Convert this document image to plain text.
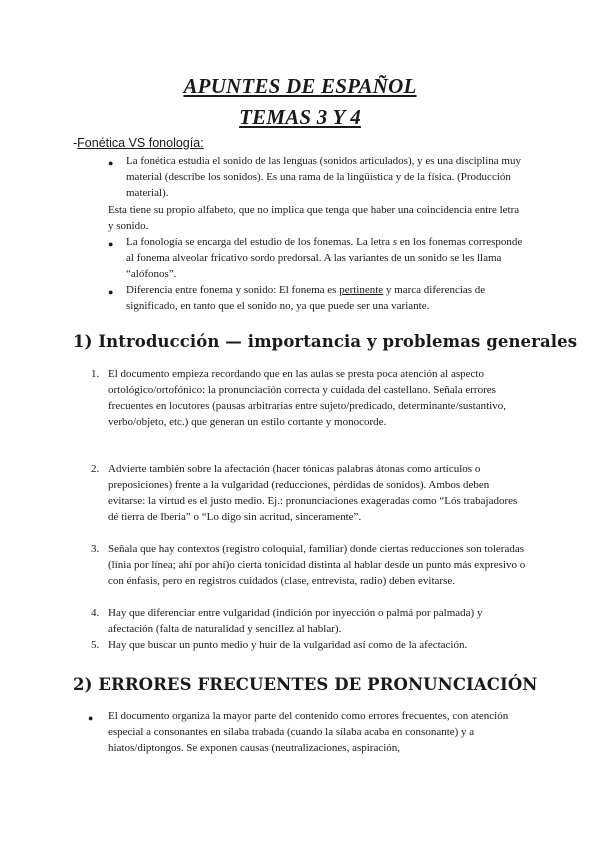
APUNTES DE ESPAÑOL
TEMAS 3 Y 4
-Fonética VS fonología:
● La fonética estudia el sonido de las lenguas (sonidos articulados), y es una disciplina muy material (describe los sonidos). Es una rama de la lingüística y de la física. (Producción material).
Esta tiene su propio alfabeto, que no implica que tenga que haber una coincidencia entre letra y sonido.
● La fonología se encarga del estudio de los fonemas. La letra s en los fonemas corresponde al fonema alveolar fricativo sordo predorsal. A las variantes de un sonido se les llama “alófonos”.
● Diferencia entre fonema y sonido: El fonema es pertinente y marca diferencias de significado, en tanto que el sonido no, ya que puede ser una variante.
1) Introducción — importancia y problemas generales
1. El documento empieza recordando que en las aulas se presta poca atención al aspecto ortológico/ortofónico: la pronunciación correcta y cuidada del castellano. Señala errores frecuentes en locutores (pausas arbitrarias entre sujeto/predicado, determinante/sustantivo, verbo/objeto, etc.) que generan un estilo cortante y monocorde.
2. Advierte también sobre la afectación (hacer tónicas palabras átonas como artículos o preposiciones) frente a la vulgaridad (reducciones, pérdidas de sonidos). Ambos deben evitarse: la virtud es el justo medio. Ej.: pronunciaciones exageradas como “Lós trabajadores dé tierra de Iberia” o “Lo digo sin acritud, sinceramente”.
3. Señala que hay contextos (registro coloquial, familiar) donde ciertas reducciones son toleradas (línia por línea; ahí por ahí)o cierta tonicidad distinta al hablar desde un punto más expresivo o con énfasis, pero en registros cuidados (clase, entrevista, radio) deben evitarse.
4. Hay que diferenciar entre vulgaridad (indición por inyección o palmá por palmada) y afectación (falta de naturalidad y sencillez al hablar).
5. Hay que buscar un punto medio y huir de la vulgaridad así como de la afectación.
2) ERRORES FRECUENTES DE PRONUNCIACIÓN
● El documento organiza la mayor parte del contenido como errores frecuentes, con atención especial a consonantes en sílaba trabada (cuando la sílaba acaba en consonante) y a hiatos/diptongos. Se exponen causas (neutralizaciones, aspiración,
